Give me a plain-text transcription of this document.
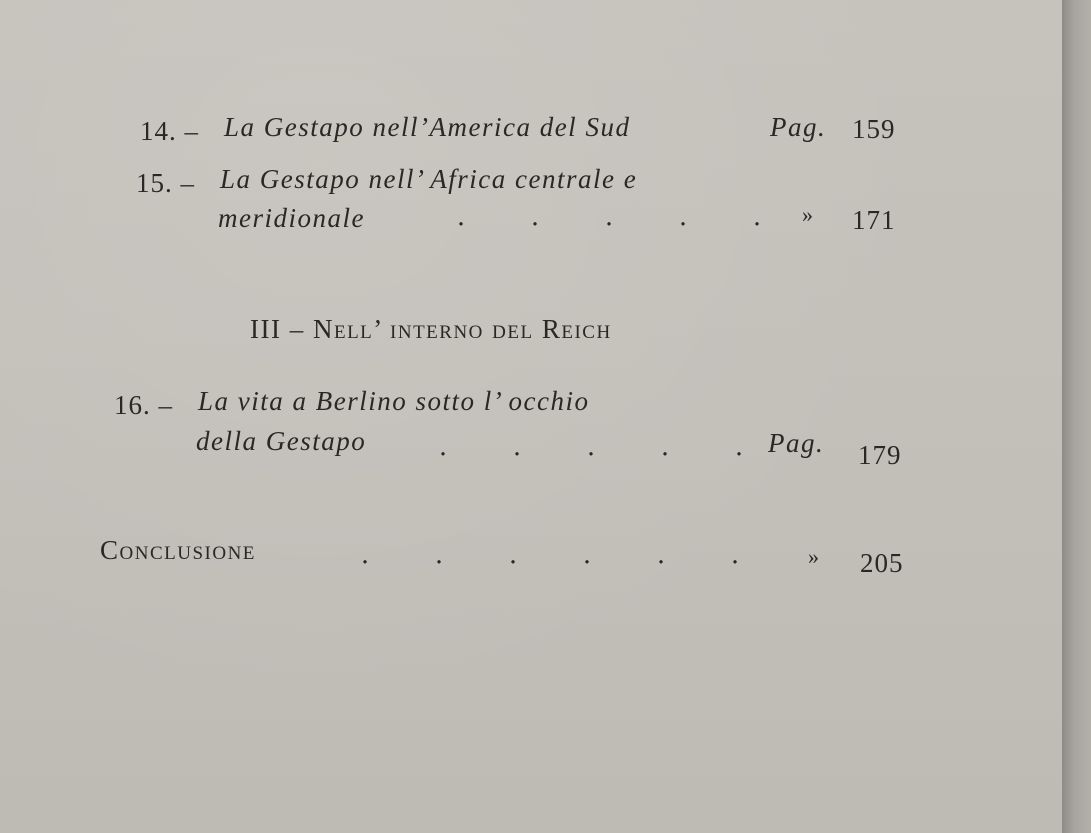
14. – La Gestapo nell’America del Sud	Pag. 159
15. – La Gestapo nell’ Africa centrale e
meridionale	.	.	.	.	.	» 171
III – Nell’ interno del Reich
16. – La vita a Berlino sotto l’ occhio
della Gestapo	.	.	.	.	. Pag. 179
Conclusione	.	.	.	.	.	.	» 205
